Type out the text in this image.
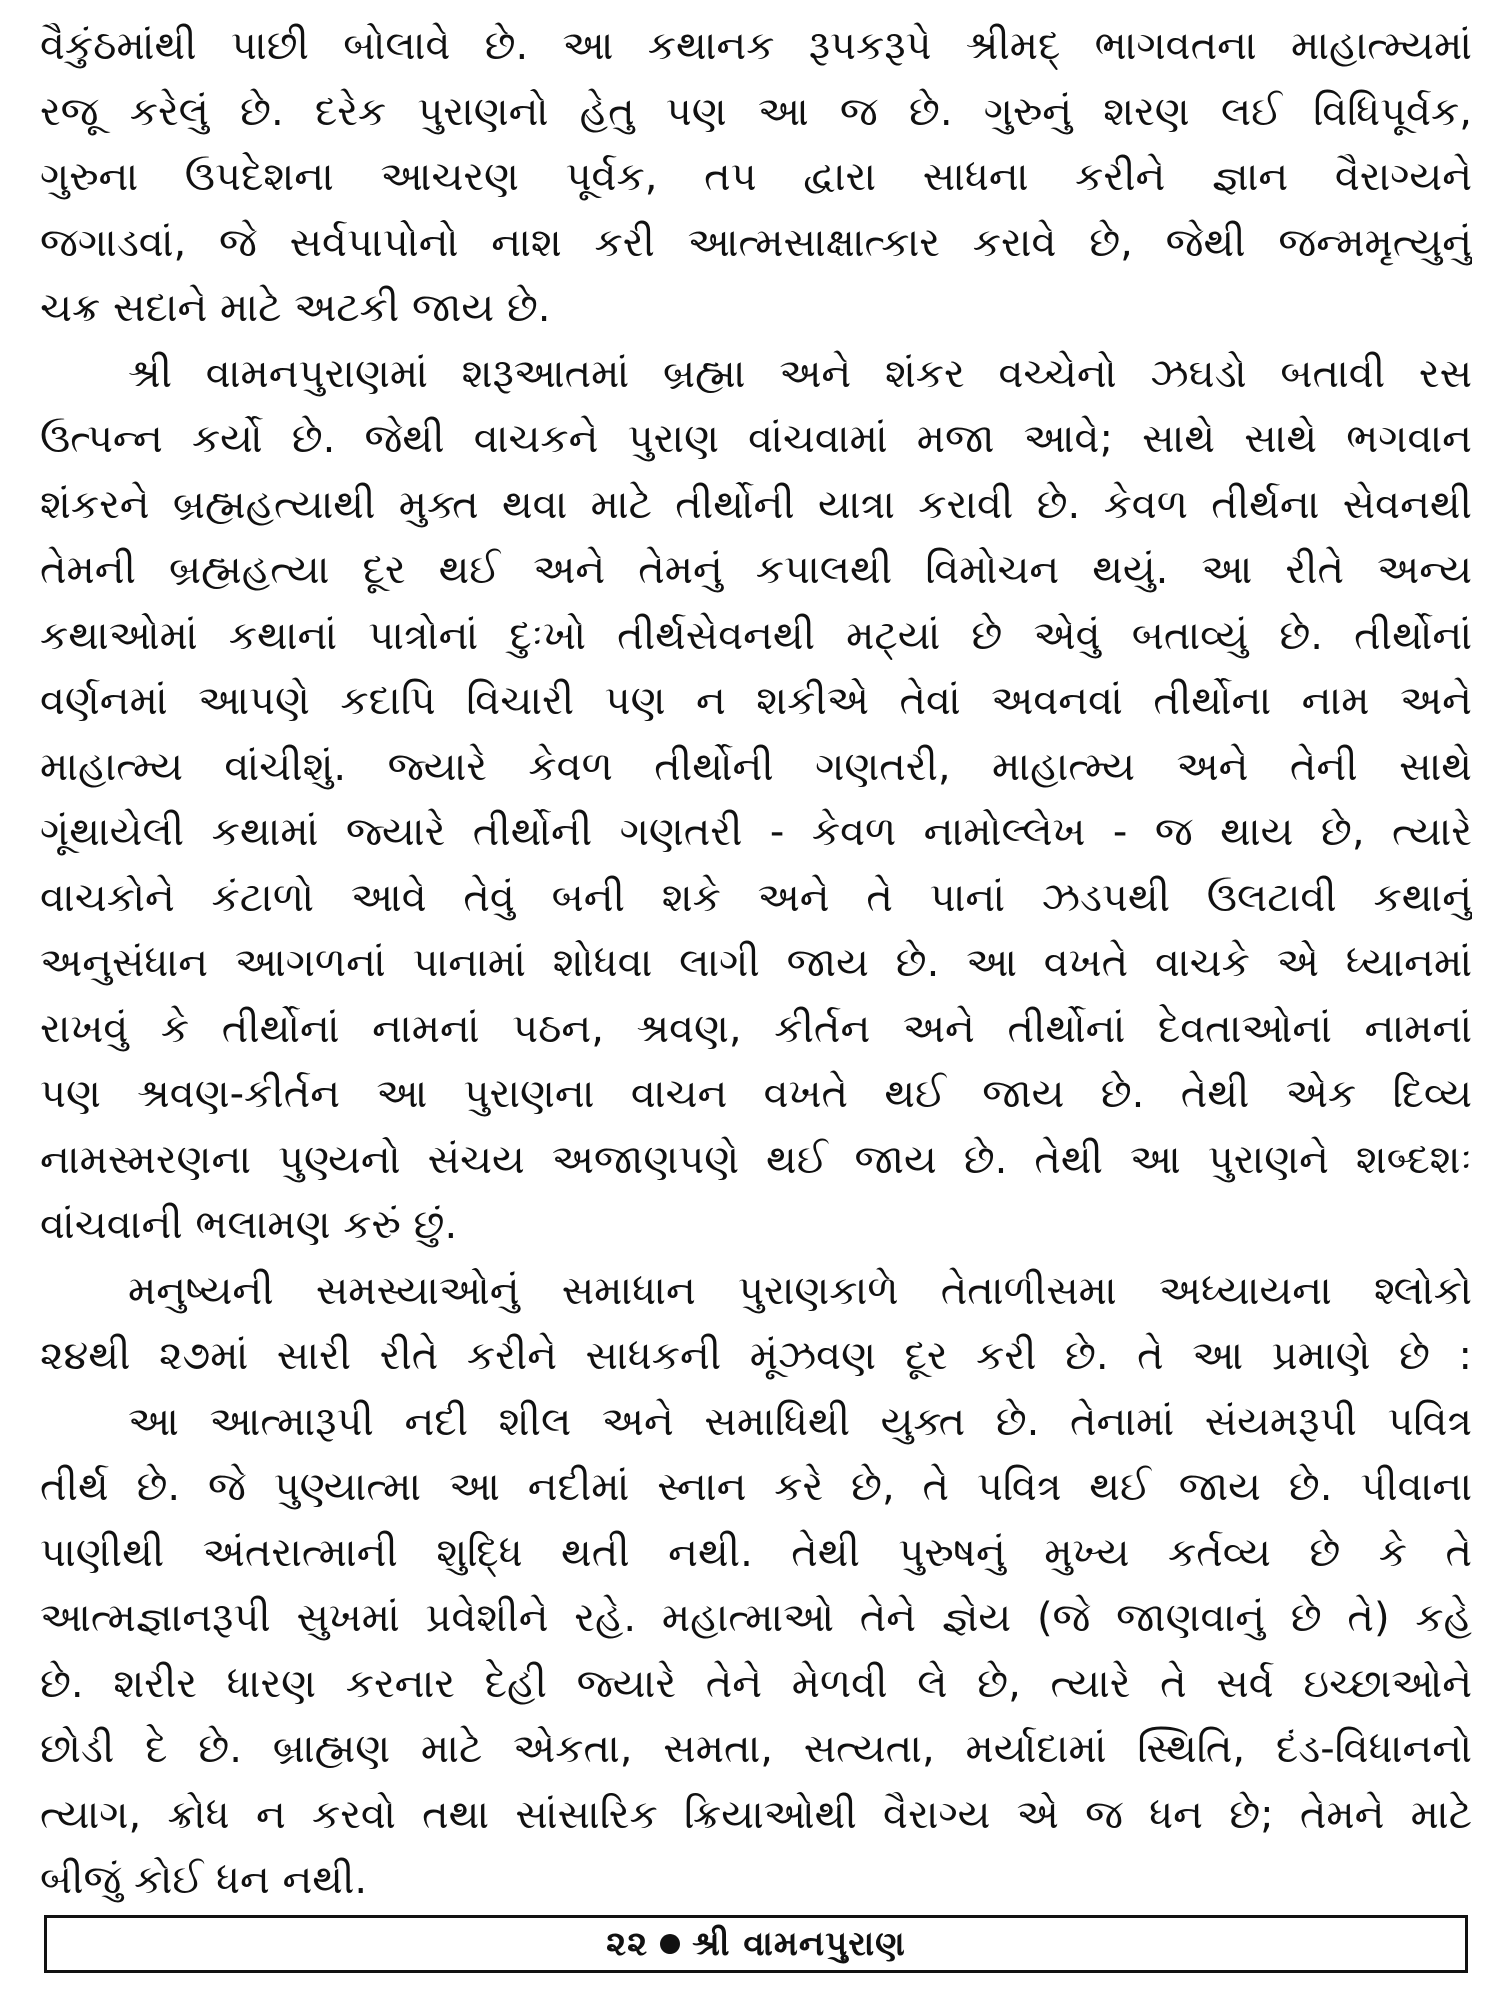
વૈકુંઠમાંથી પાછી બોલાવે છે. આ કથાનક રૂપકરૂપે શ્રીમદ્ ભાગવતના માહાત્મ્યમાં
રજૂ કરેલું છે. દરેક પુરાણનો હેતુ પણ આ જ છે. ગુરુનું શરણ લઈ વિધિપૂર્વક,
ગુરુના ઉપદેશના આચરણ પૂર્વક, તપ દ્વારા સાધના કરીને જ્ઞાન વૈરાગ્યને
જગાડવાં, જે સર્વપાપોનો નાશ કરી આત્મસાક્ષાત્કાર કરાવે છે, જેથી જન્મમૃત્યુનું
ચક્ર સદાને માટે અટકી જાય છે.
શ્રી વામનપુરાણમાં શરૂઆતમાં બ્રહ્મા અને શંકર વચ્ચેનો ઝઘડો બતાવી રસ
ઉત્પન્ન કર્યો છે. જેથી વાચકને પુરાણ વાંચવામાં મજા આવે; સાથે સાથે ભગવાન
શંકરને બ્રહ્મહત્યાથી મુક્ત થવા માટે તીર્થોની યાત્રા કરાવી છે. કેવળ તીર્થના સેવનથી
તેમની બ્રહ્મહત્યા દૂર થઈ અને તેમનું કપાલથી વિમોચન થયું. આ રીતે અન્ય
કથાઓમાં કથાનાં પાત્રોનાં દુઃખો તીર્થસેવનથી મટ્યાં છે એવું બતાવ્યું છે. તીર્થોનાં
વર્ણનમાં આપણે કદાપિ વિચારી પણ ન શકીએ તેવાં અવનવાં તીર્થોના નામ અને
માહાત્મ્ય વાંચીશું. જ્યારે કેવળ તીર્થોની ગણતરી, માહાત્મ્ય અને તેની સાથે
ગૂંથાયેલી કથામાં જ્યારે તીર્થોની ગણતરી - કેવળ નામોલ્લેખ - જ થાય છે, ત્યારે
વાચકોને કંટાળો આવે તેવું બની શકે અને તે પાનાં ઝડપથી ઉલટાવી કથાનું
અનુસંધાન આગળનાં પાનામાં શોધવા લાગી જાય છે. આ વખતે વાચકે એ ધ્યાનમાં
રાખવું કે તીર્થોનાં નામનાં પઠન, શ્રવણ, કીર્તન અને તીર્થોનાં દેવતાઓનાં નામનાં
પણ શ્રવણ-કીર્તન આ પુરાણના વાચન વખતે થઈ જાય છે. તેથી એક દિવ્ય
નામસ્મરણના પુણ્યનો સંચય અજાણપણે થઈ જાય છે. તેથી આ પુરાણને શબ્દશઃ
વાંચવાની ભલામણ કરું છું.
મનુષ્યની સમસ્યાઓનું સમાધાન પુરાણકાળે તેતાળીસમા અધ્યાયના શ્લોકો
૨૪થી ૨૭માં સારી રીતે કરીને સાધકની મૂંઝવણ દૂર કરી છે. તે આ પ્રમાણે છે :
આ આત્મારૂપી નદી શીલ અને સમાધિથી યુક્ત છે. તેનામાં સંયમરૂપી પવિત્ર
તીર્થ છે. જે પુણ્યાત્મા આ નદીમાં સ્નાન કરે છે, તે પવિત્ર થઈ જાય છે. પીવાના
પાણીથી અંતરાત્માની શુદ્ધિ થતી નથી. તેથી પુરુષનું મુખ્ય કર્તવ્ય છે કે તે
આત્મજ્ઞાનરૂપી સુખમાં પ્રવેશીને રહે. મહાત્માઓ તેને જ્ઞેય (જે જાણવાનું છે તે) કહે
છે. શરીર ધારણ કરનાર દેહી જ્યારે તેને મેળવી લે છે, ત્યારે તે સર્વ ઇચ્છાઓને
છોડી દે છે. બ્રાહ્મણ માટે એકતા, સમતા, સત્યતા, મર્યાદામાં સ્થિતિ, દંડ-વિધાનનો
ત્યાગ, ક્રોધ ન કરવો તથા સાંસારિક ક્રિયાઓથી વૈરાગ્ય એ જ ધન છે; તેમને માટે
બીજું કોઈ ધન નથી.
૨૨ શ્રી વામનપુરાણ
